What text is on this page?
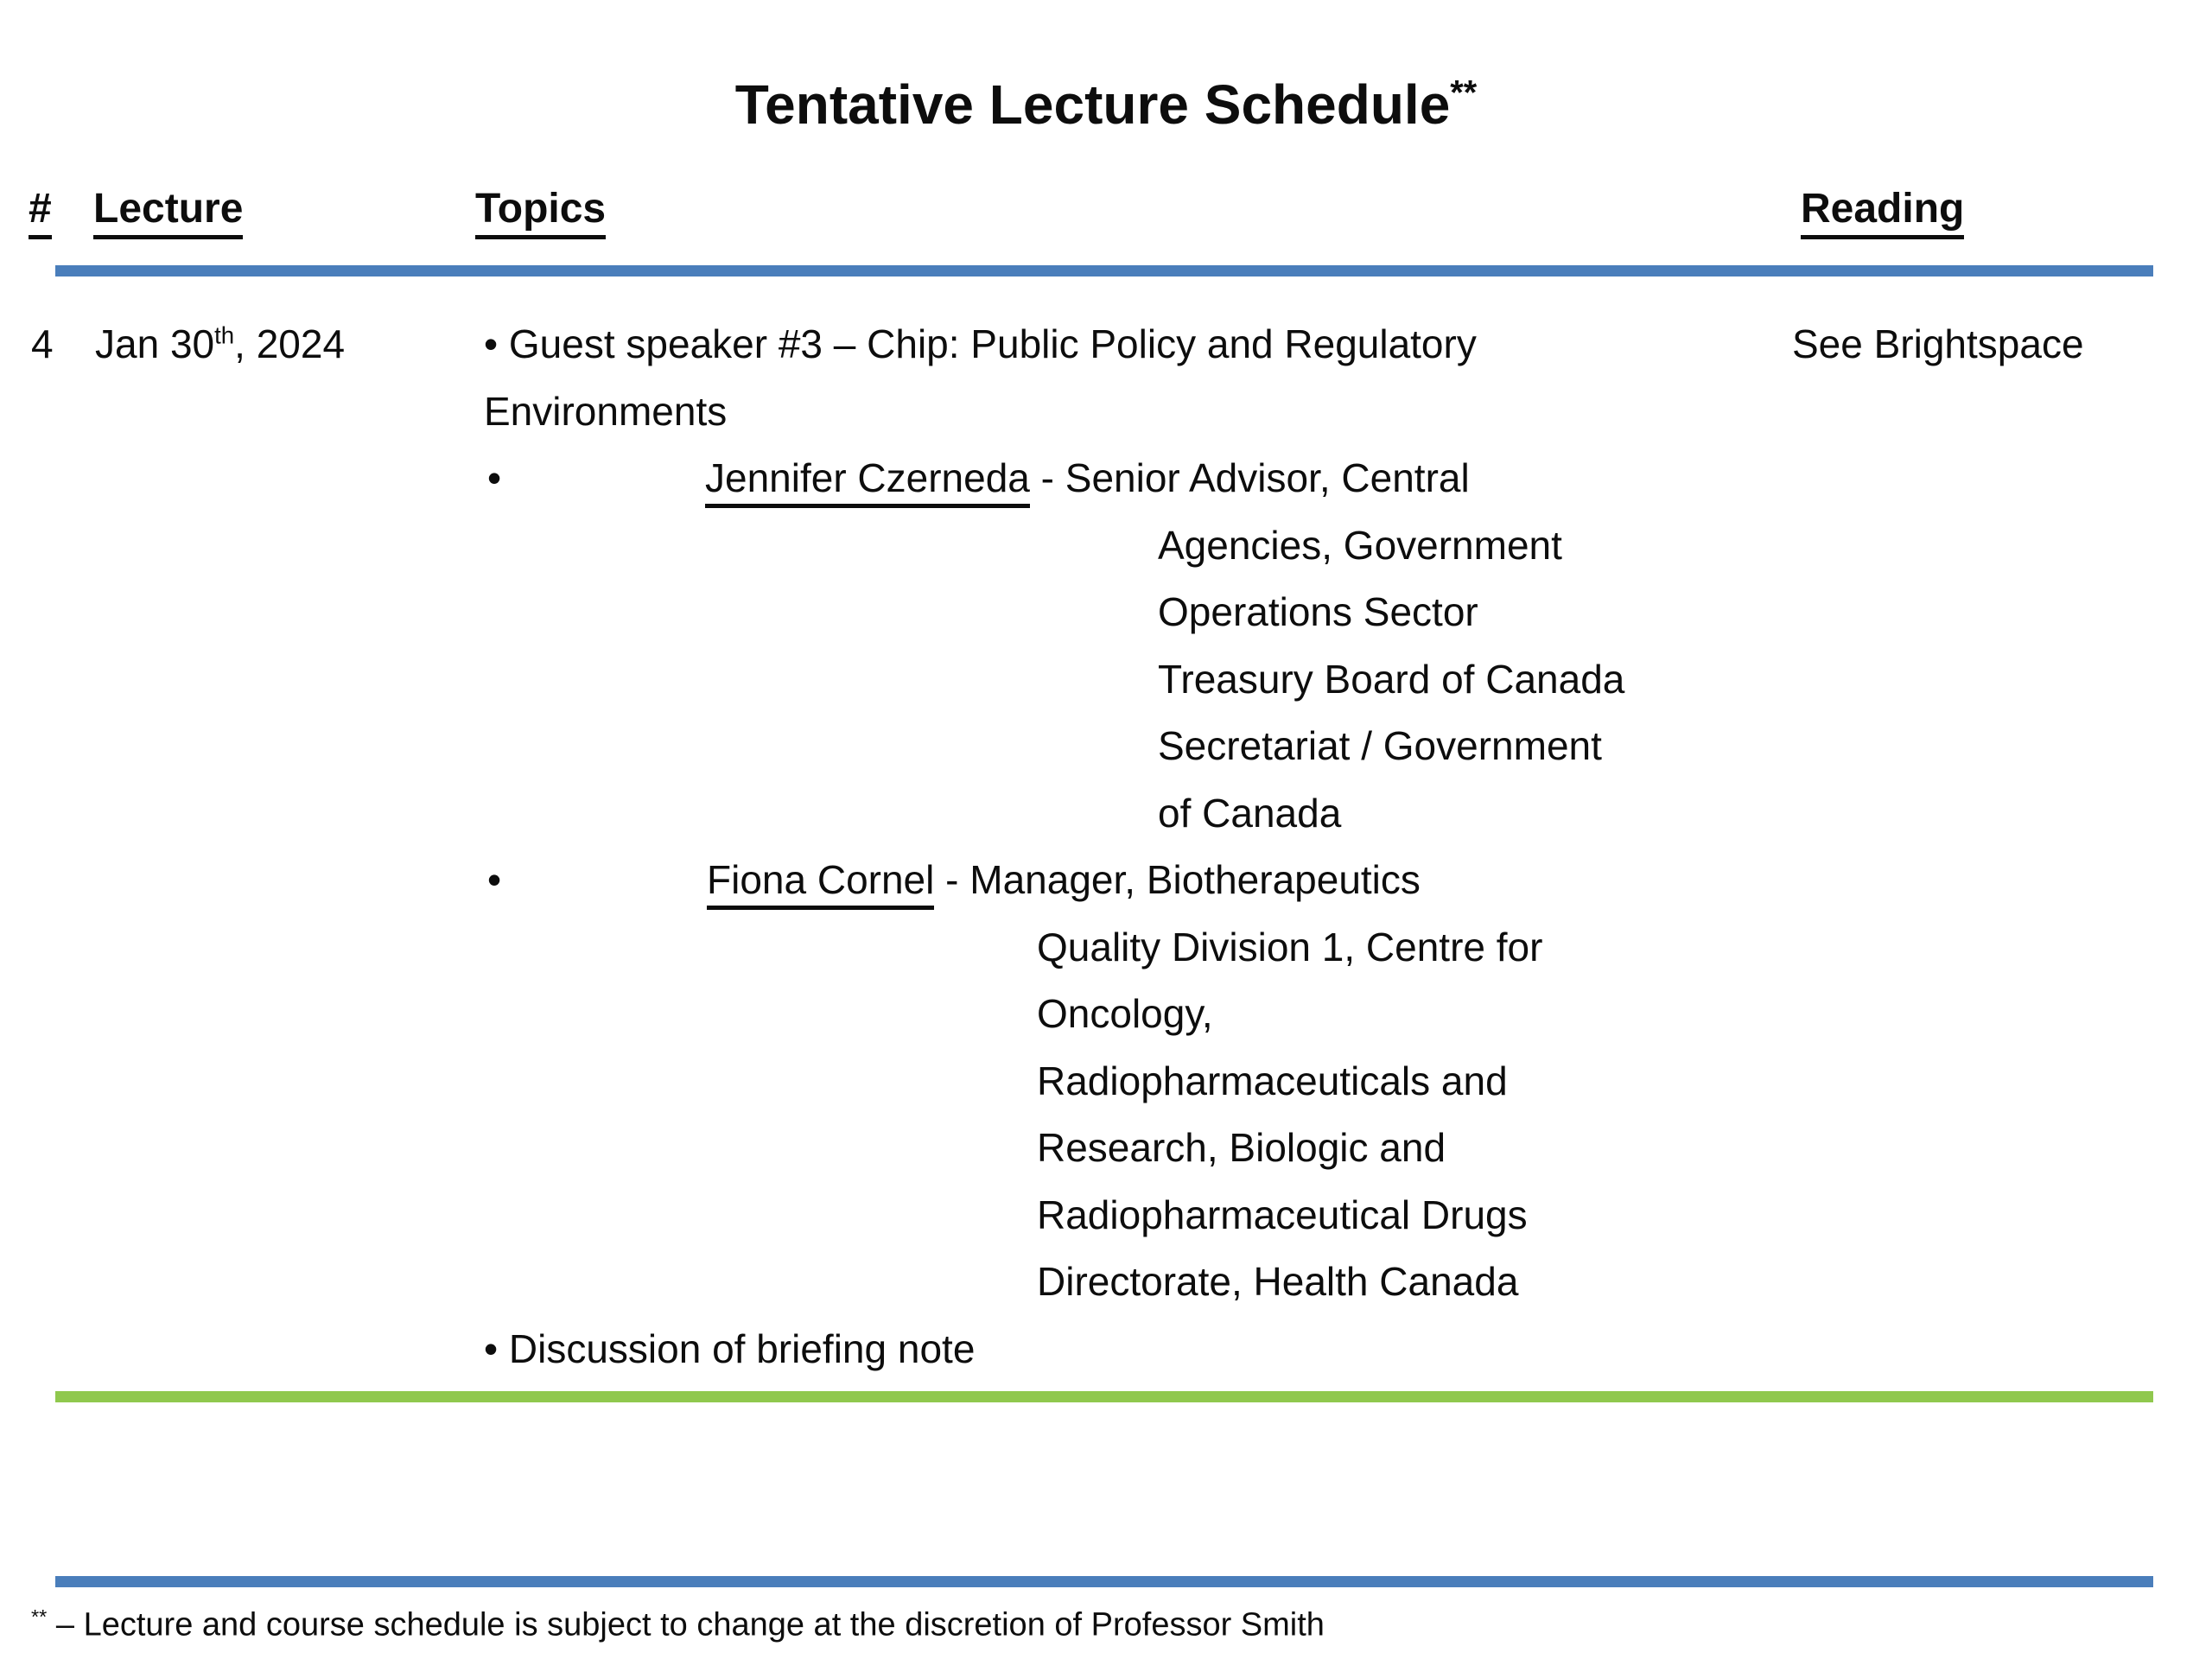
Tentative Lecture Schedule**
# Lecture	Topics	Reading
4 Jan 30th, 2024	• Guest speaker #3 – Chip: Public Policy and Regulatory	See Brightspace
Environments
•	Jennifer Czerneda - Senior Advisor, Central
Agencies, Government
Operations Sector
Treasury Board of Canada
Secretariat / Government
of Canada
•	Fiona Cornel - Manager, Biotherapeutics
Quality Division 1, Centre for
Oncology,
Radiopharmaceuticals and
Research, Biologic and
Radiopharmaceutical Drugs
Directorate, Health Canada
• Discussion of briefing note
** – Lecture and course schedule is subject to change at the discretion of Professor Smith
